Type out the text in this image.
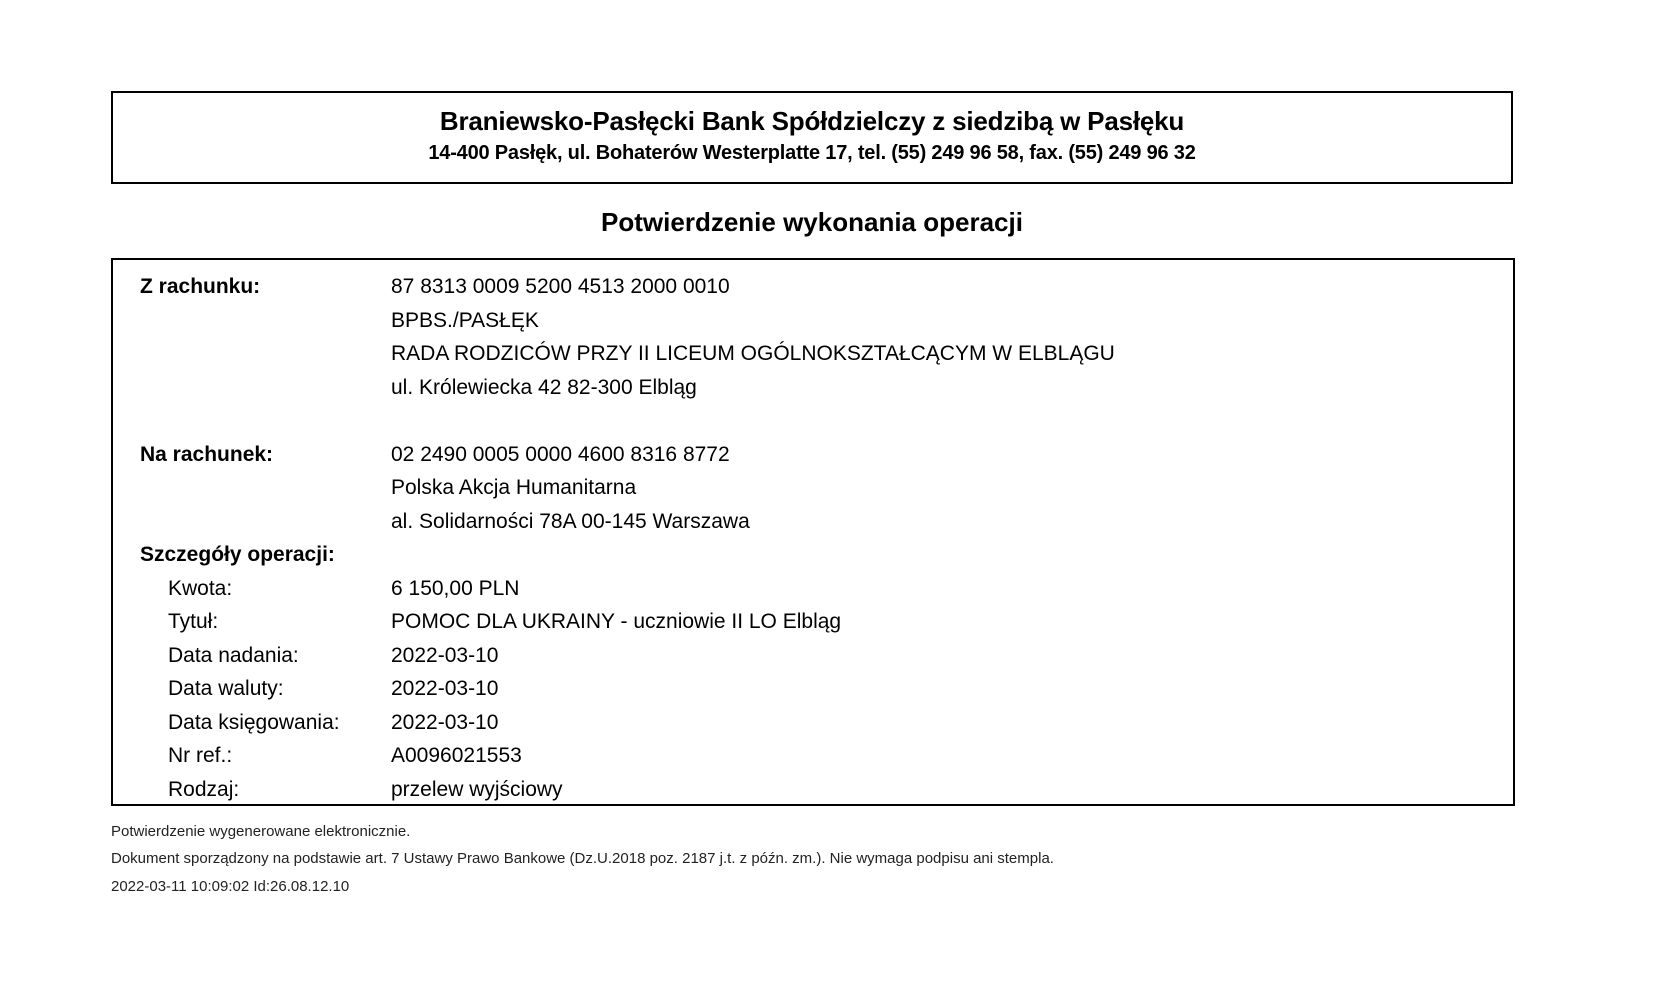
Braniewsko-Pasłęcki Bank Spółdzielczy z siedzibą w Pasłęku
14-400 Pasłęk, ul. Bohaterów Westerplatte 17, tel. (55) 249 96 58, fax. (55) 249 96 32
Potwierdzenie wykonania operacji
Z rachunku:	87 8313 0009 5200 4513 2000 0010
BPBS./PASŁĘK
RADA RODZICÓW PRZY II LICEUM OGÓLNOKSZTAŁCĄCYM W ELBLĄGU
ul. Królewiecka 42 82-300 Elbląg
Na rachunek:	02 2490 0005 0000 4600 8316 8772
Polska Akcja Humanitarna
al. Solidarności 78A 00-145 Warszawa
Szczegóły operacji:
Kwota:	6 150,00 PLN
Tytuł:	POMOC DLA UKRAINY - uczniowie II LO Elbląg
Data nadania:	2022-03-10
Data waluty:	2022-03-10
Data księgowania: 2022-03-10
Nr ref.:	A0096021553
Rodzaj:	przelew wyjściowy
Potwierdzenie wygenerowane elektronicznie.
Dokument sporządzony na podstawie art. 7 Ustawy Prawo Bankowe (Dz.U.2018 poz. 2187 j.t. z późn. zm.). Nie wymaga podpisu ani stempla.
2022-03-11 10:09:02 Id:26.08.12.10
